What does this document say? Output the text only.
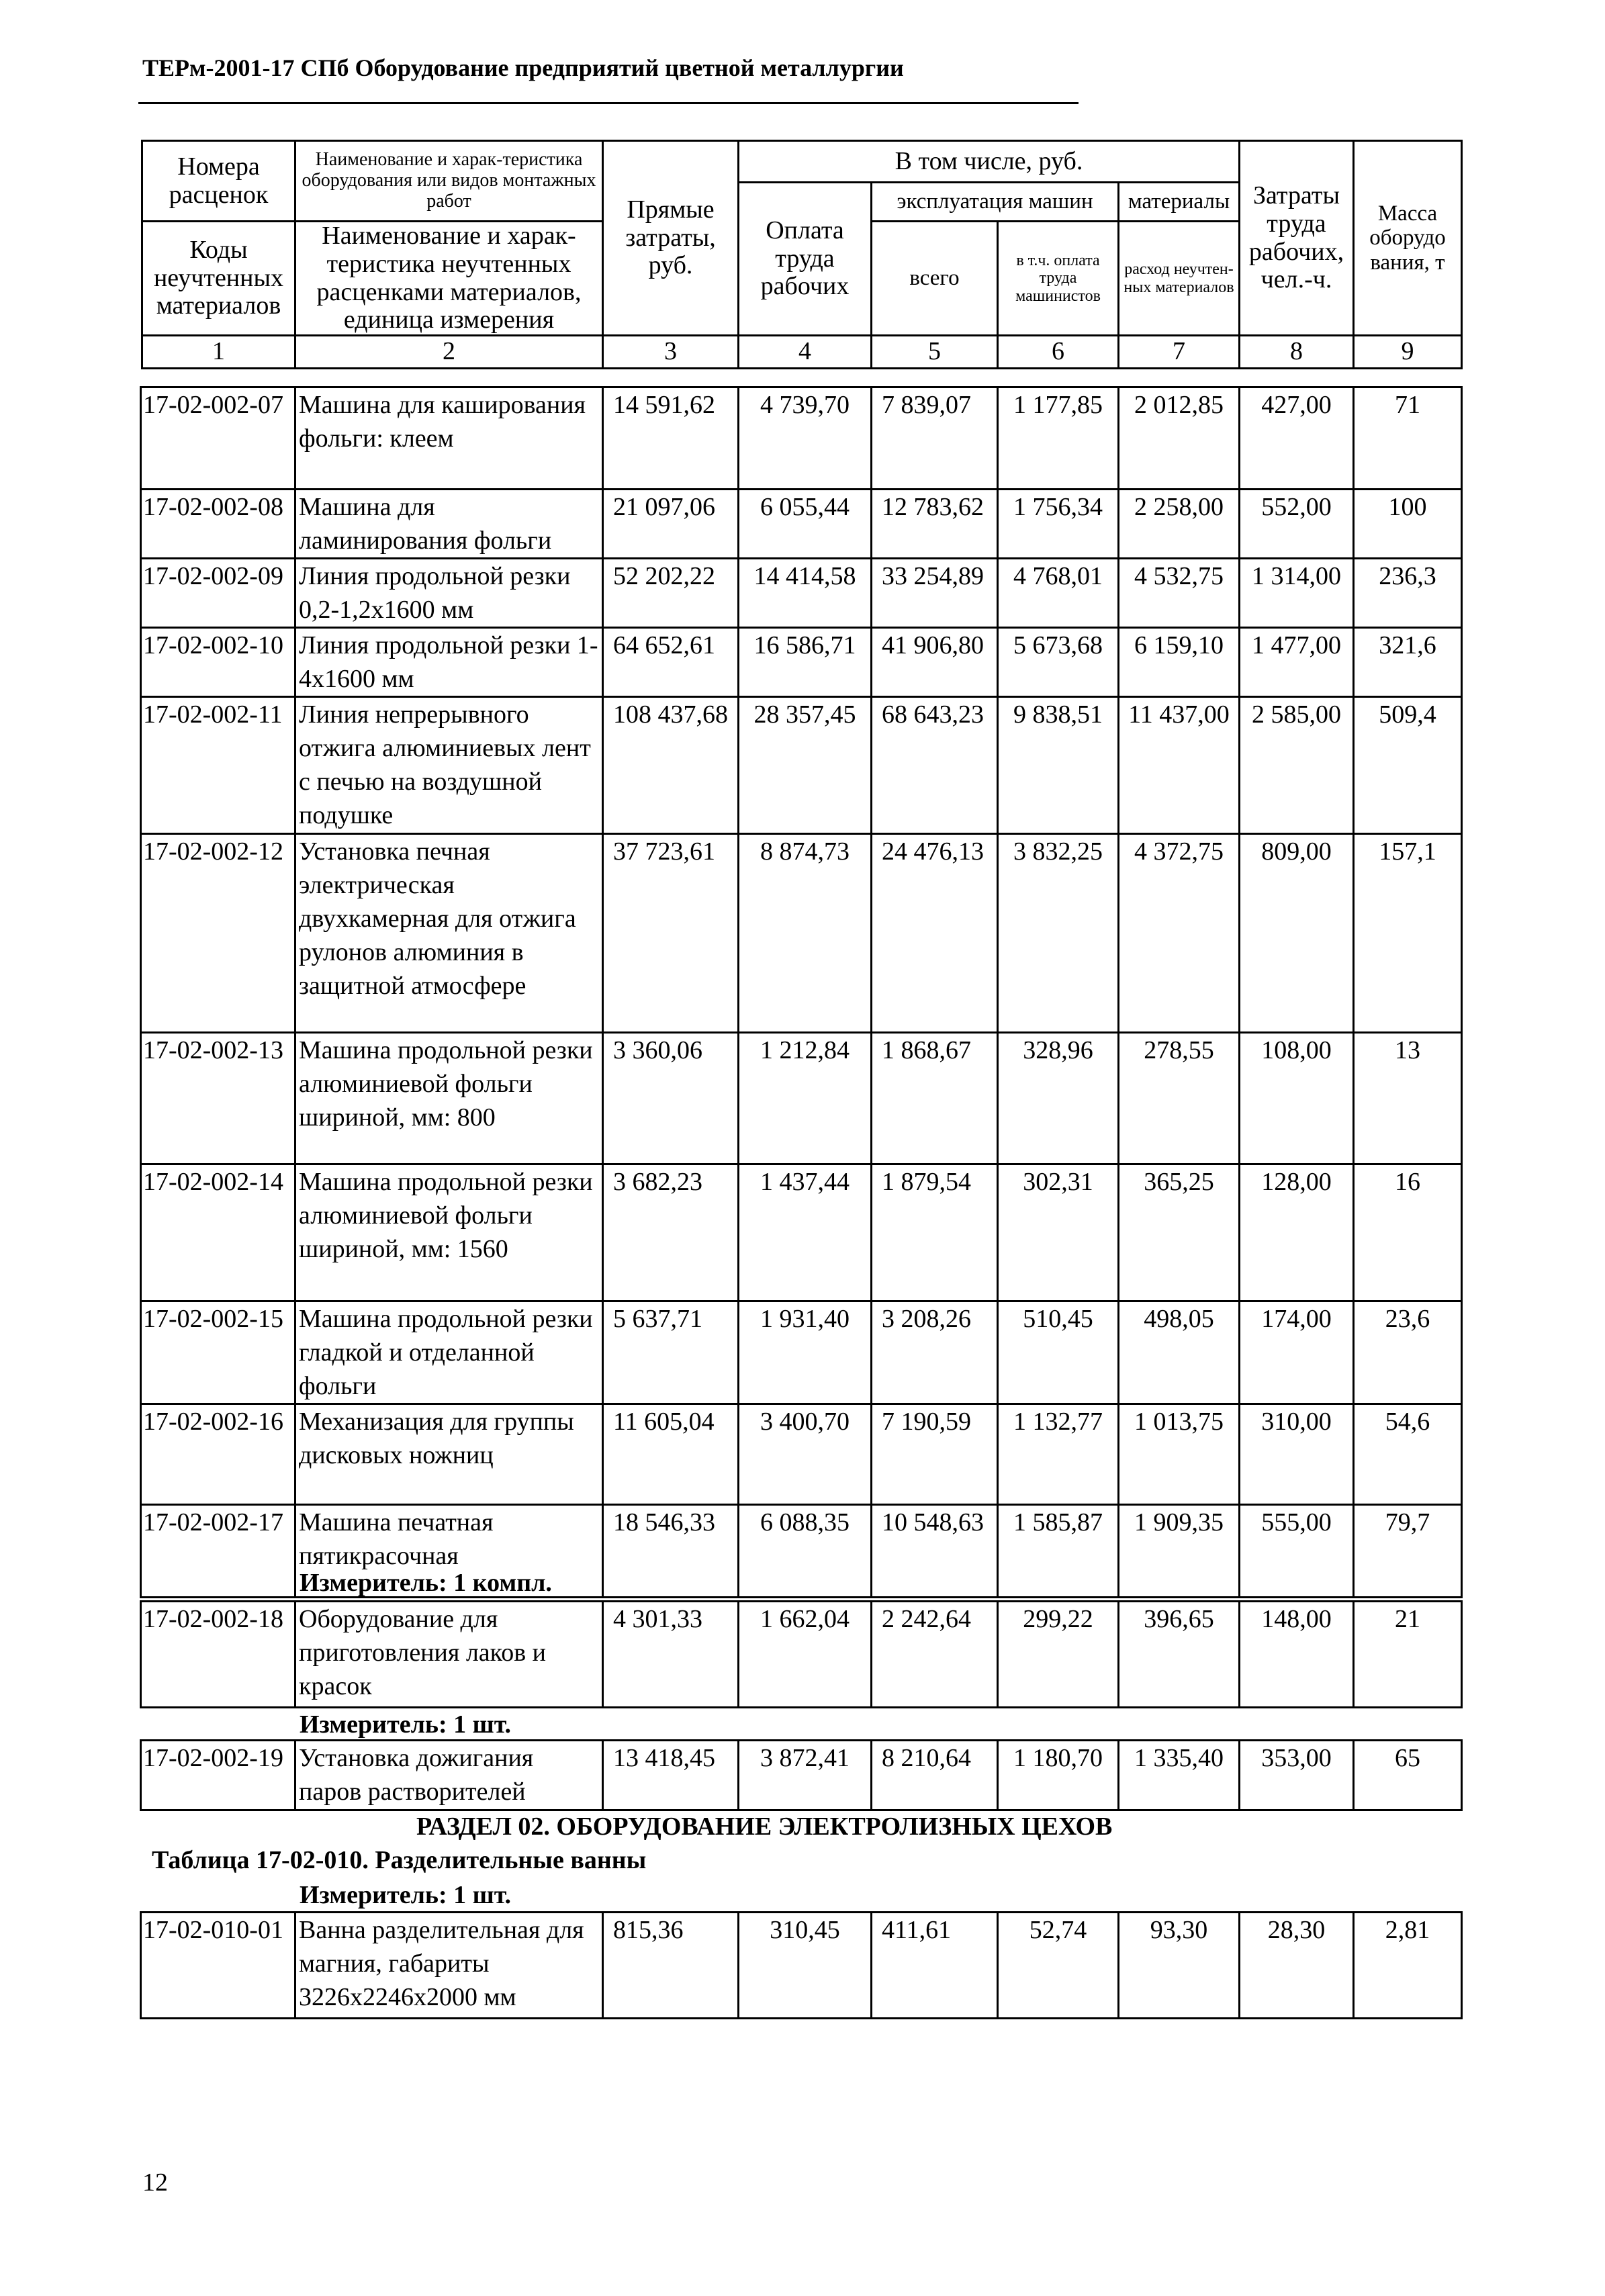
ТЕРм-2001-17 СПб Оборудование предприятий цветной металлургии
Номера расценок	Наименование и харак-теристика оборудования или видов монтажных работ	Прямые затраты, руб.	В том числе, руб.				Затраты труда рабочих, чел.-ч.	Масса оборудо вания, т
			Оплата труда рабочих	эксплуатация машин		материалы		
Коды неучтенных материалов	Наименование и харак-теристика неучтенных расценками материалов, единица измерения			всего	в т.ч. оплата труда машинистов	расход неучтен-ных материалов		

1	2	3	4	5	6	7	8	9
17-02-002-07	Машина для каширования фольги: клеем	14 591,62	4 739,70	7 839,07	1 177,85	2 012,85	427,00	71
17-02-002-08	Машина для ламинирования фольги	21 097,06	6 055,44	12 783,62	1 756,34	2 258,00	552,00	100
17-02-002-09	Линия продольной резки 0,2-1,2х1600 мм	52 202,22	14 414,58	33 254,89	4 768,01	4 532,75	1 314,00	236,3
17-02-002-10	Линия продольной резки 1-4х1600 мм	64 652,61	16 586,71	41 906,80	5 673,68	6 159,10	1 477,00	321,6
17-02-002-11	Линия непрерывного отжига алюминиевых лент с печью на воздушной подушке	108 437,68	28 357,45	68 643,23	9 838,51	11 437,00	2 585,00	509,4
17-02-002-12	Установка печная электрическая двухкамерная для отжига рулонов алюминия в защитной атмосфере	37 723,61	8 874,73	24 476,13	3 832,25	4 372,75	809,00	157,1
17-02-002-13	Машина продольной резки алюминиевой фольги шириной, мм: 800	3 360,06	1 212,84	1 868,67	328,96	278,55	108,00	13
17-02-002-14	Машина продольной резки алюминиевой фольги шириной, мм: 1560	3 682,23	1 437,44	1 879,54	302,31	365,25	128,00	16
17-02-002-15	Машина продольной резки гладкой и отделанной фольги	5 637,71	1 931,40	3 208,26	510,45	498,05	174,00	23,6
17-02-002-16	Механизация для группы дисковых ножниц	11 605,04	3 400,70	7 190,59	1 132,77	1 013,75	310,00	54,6
17-02-002-17	Машина печатная пятикрасочная	18 546,33	6 088,35	10 548,63	1 585,87	1 909,35	555,00	79,7
Измеритель: 1 компл.
17-02-002-18	Оборудование для приготовления лаков и красок	4 301,33	1 662,04	2 242,64	299,22	396,65	148,00	21
Измеритель: 1 шт.
17-02-002-19	Установка дожигания паров растворителей	13 418,45	3 872,41	8 210,64	1 180,70	1 335,40	353,00	65
РАЗДЕЛ 02. ОБОРУДОВАНИЕ ЭЛЕКТРОЛИЗНЫХ ЦЕХОВ
Таблица 17-02-010. Разделительные ванны
Измеритель: 1 шт.
17-02-010-01	Ванна разделительная для магния, габариты 3226х2246х2000 мм	815,36	310,45	411,61	52,74	93,30	28,30	2,81
12
